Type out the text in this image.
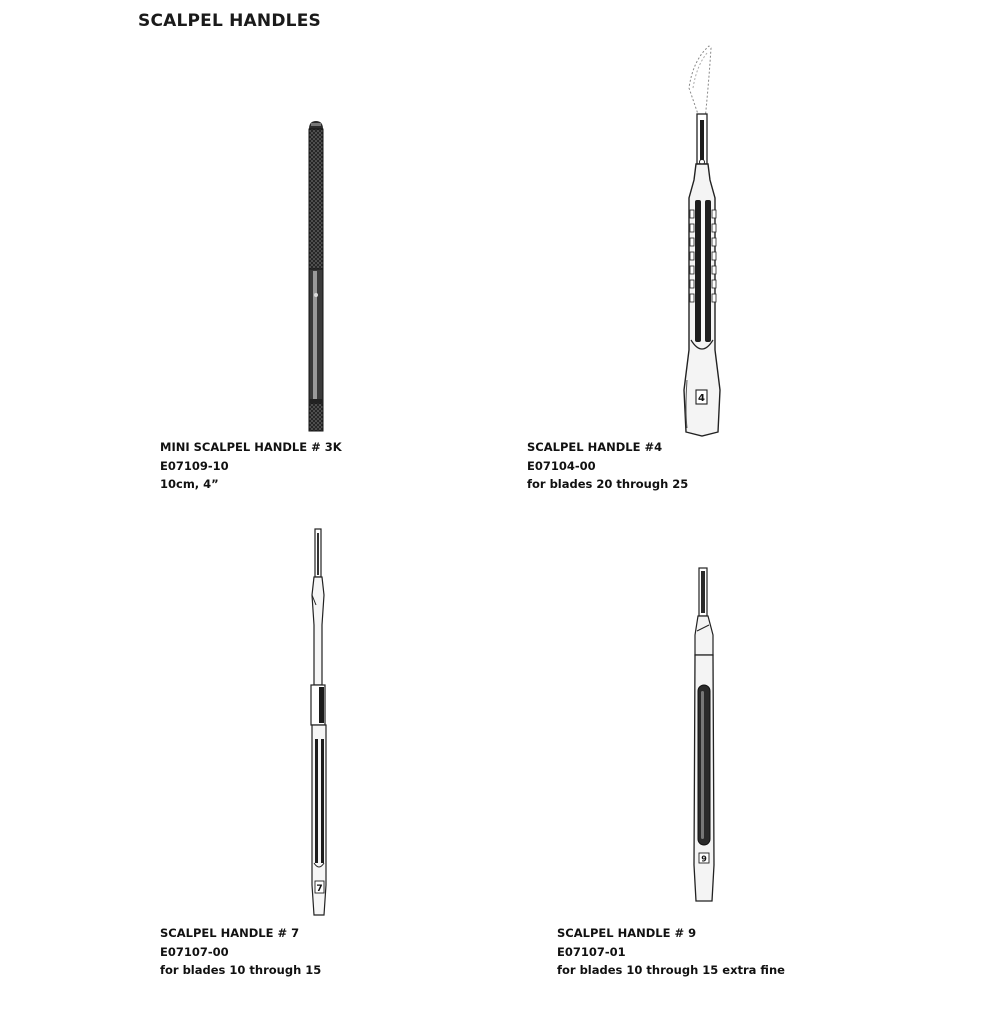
SCALPEL HANDLES
MINI SCALPEL HANDLE # 3K
E07109-10
10cm, 4”
4
SCALPEL HANDLE #4
E07104-00
for blades 20 through 25
7
SCALPEL HANDLE # 7
E07107-00
for blades 10 through 15
9
SCALPEL HANDLE # 9
E07107-01
for blades 10 through 15 extra fine
